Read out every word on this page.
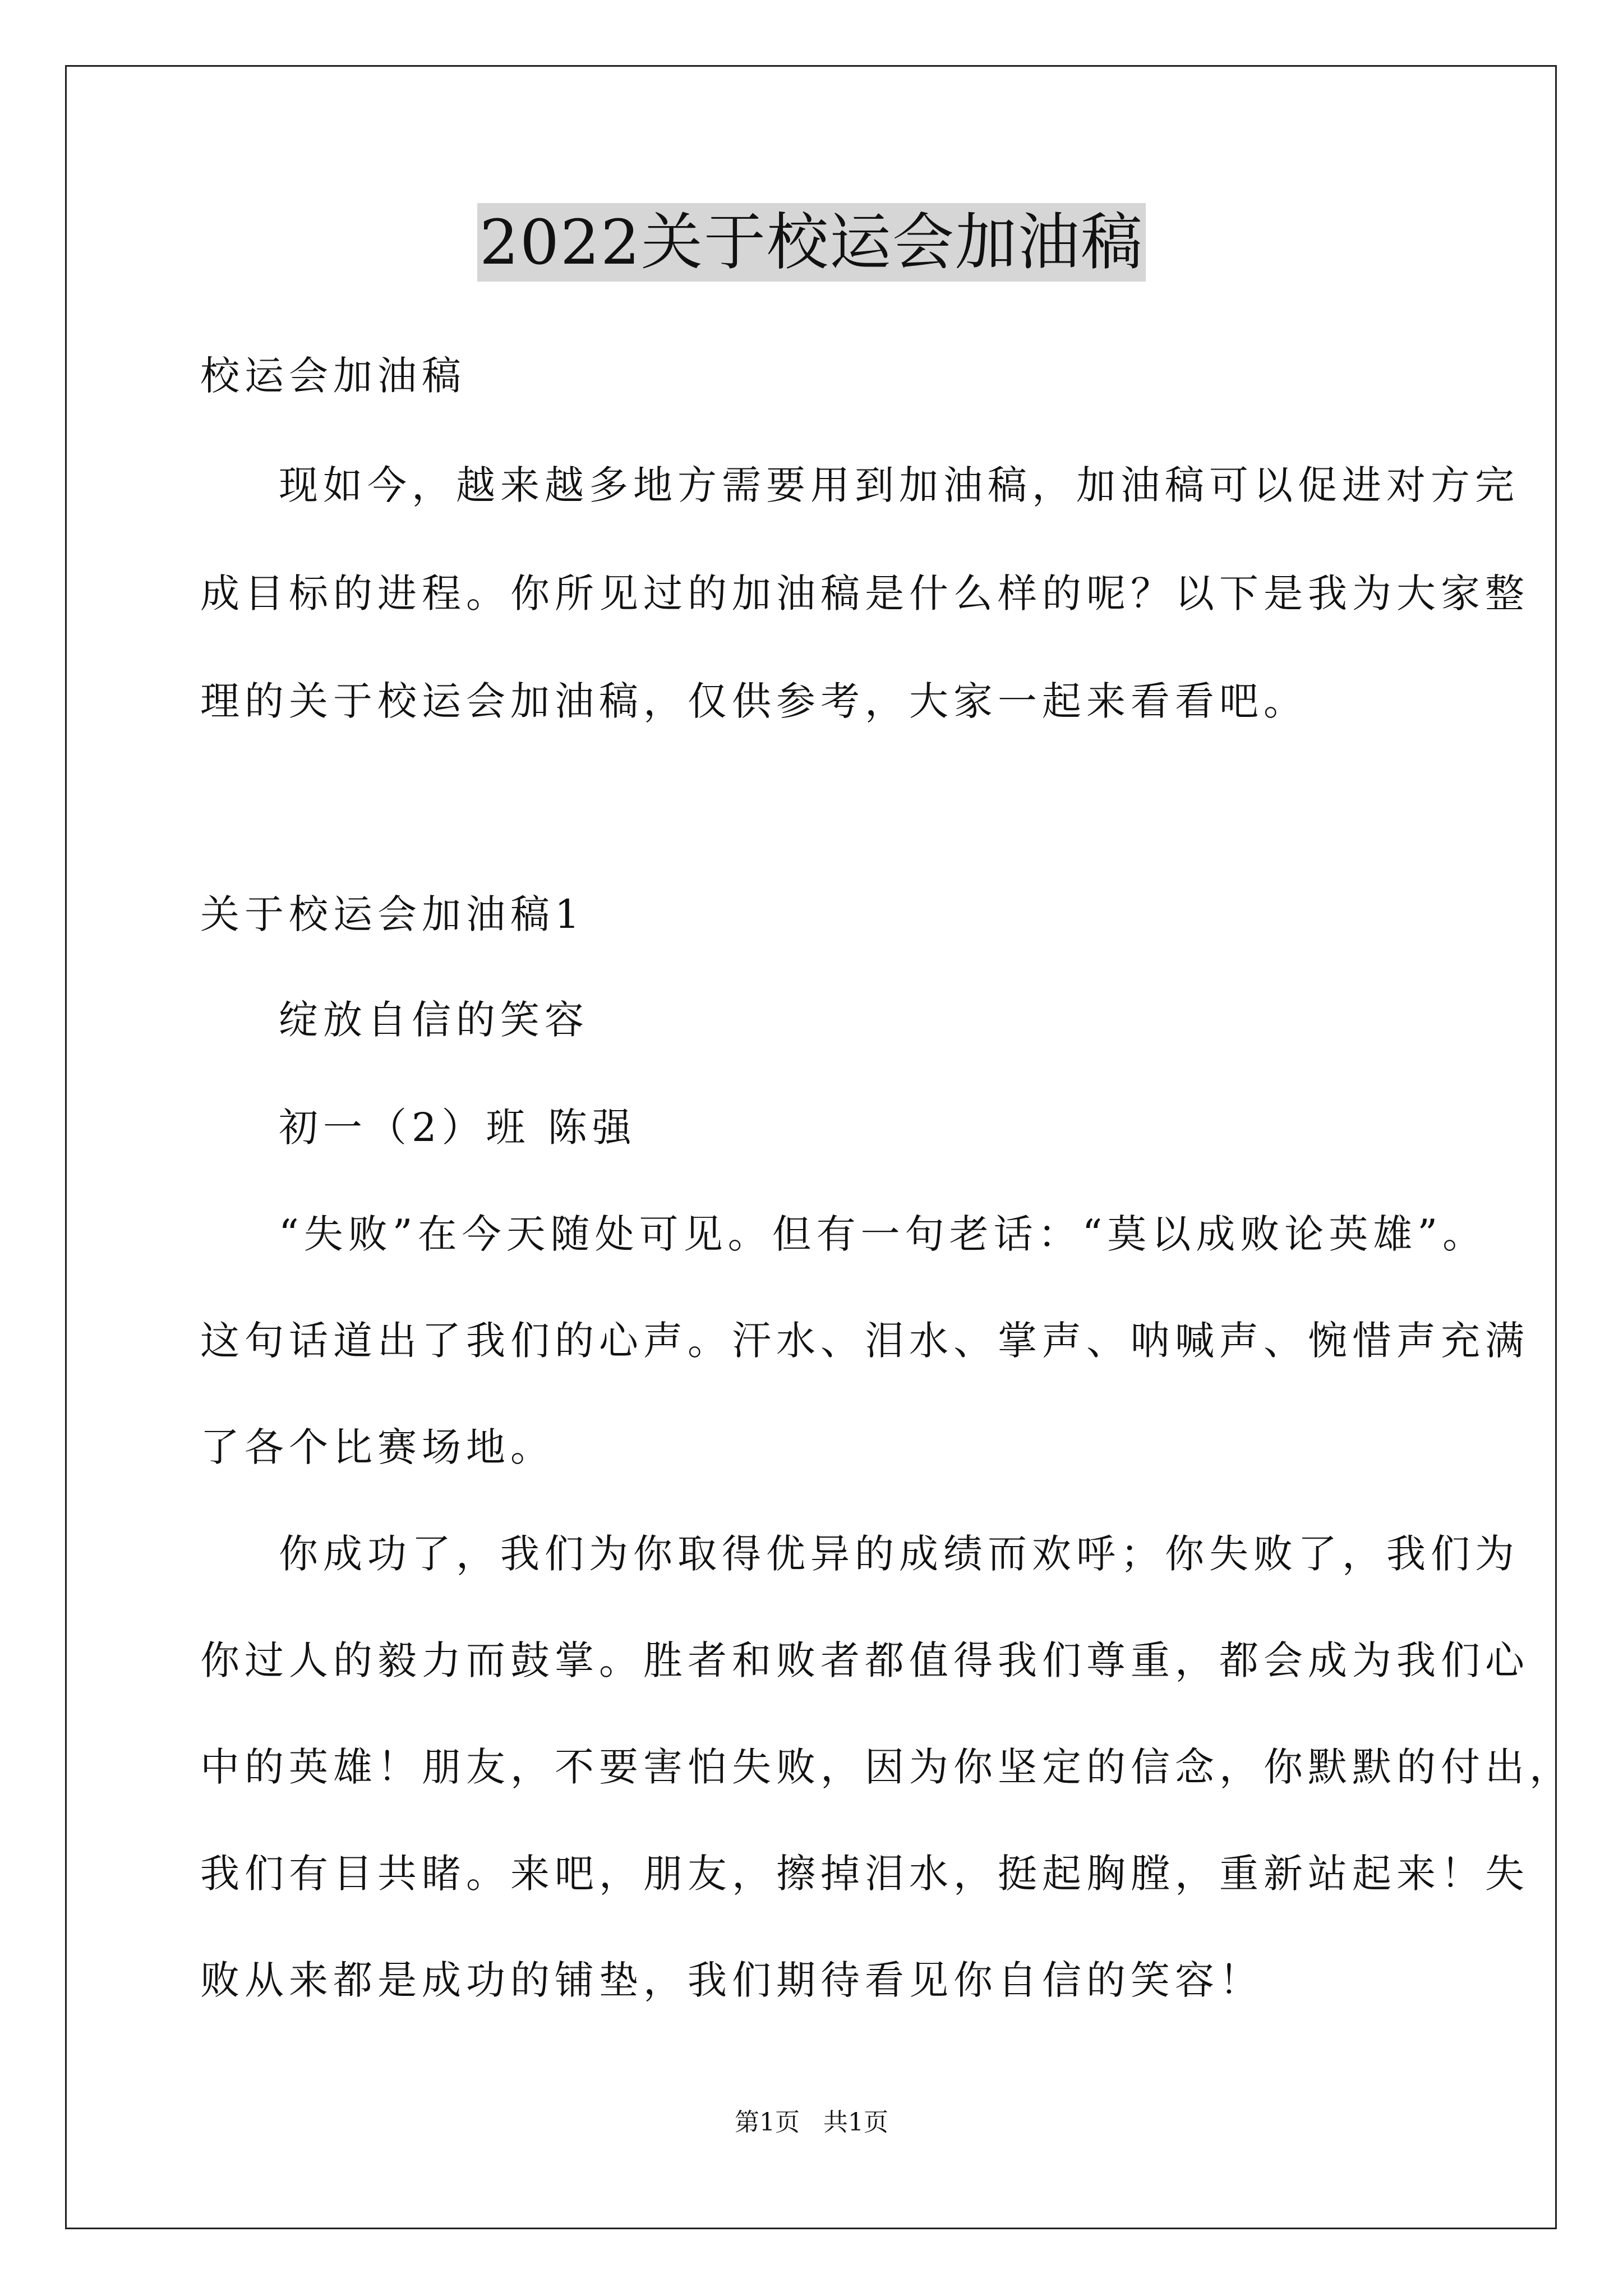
2022关于校运会加油稿
校运会加油稿
现如今，越来越多地方需要用到加油稿，加油稿可以促进对方完
成目标的进程。你所见过的加油稿是什么样的呢？以下是我为大家整
理的关于校运会加油稿，仅供参考，大家一起来看看吧。
关于校运会加油稿1
绽放自信的笑容
初一（2）班 陈强
“失败”在今天随处可见。但有一句老话：“莫以成败论英雄”。
这句话道出了我们的心声。汗水、泪水、掌声、呐喊声、惋惜声充满
了各个比赛场地。
你成功了，我们为你取得优异的成绩而欢呼；你失败了，我们为
你过人的毅力而鼓掌。胜者和败者都值得我们尊重，都会成为我们心
中的英雄！朋友，不要害怕失败，因为你坚定的信念，你默默的付出，
我们有目共睹。来吧，朋友，擦掉泪水，挺起胸膛，重新站起来！失
败从来都是成功的铺垫，我们期待看见你自信的笑容！
第1页   共1页
